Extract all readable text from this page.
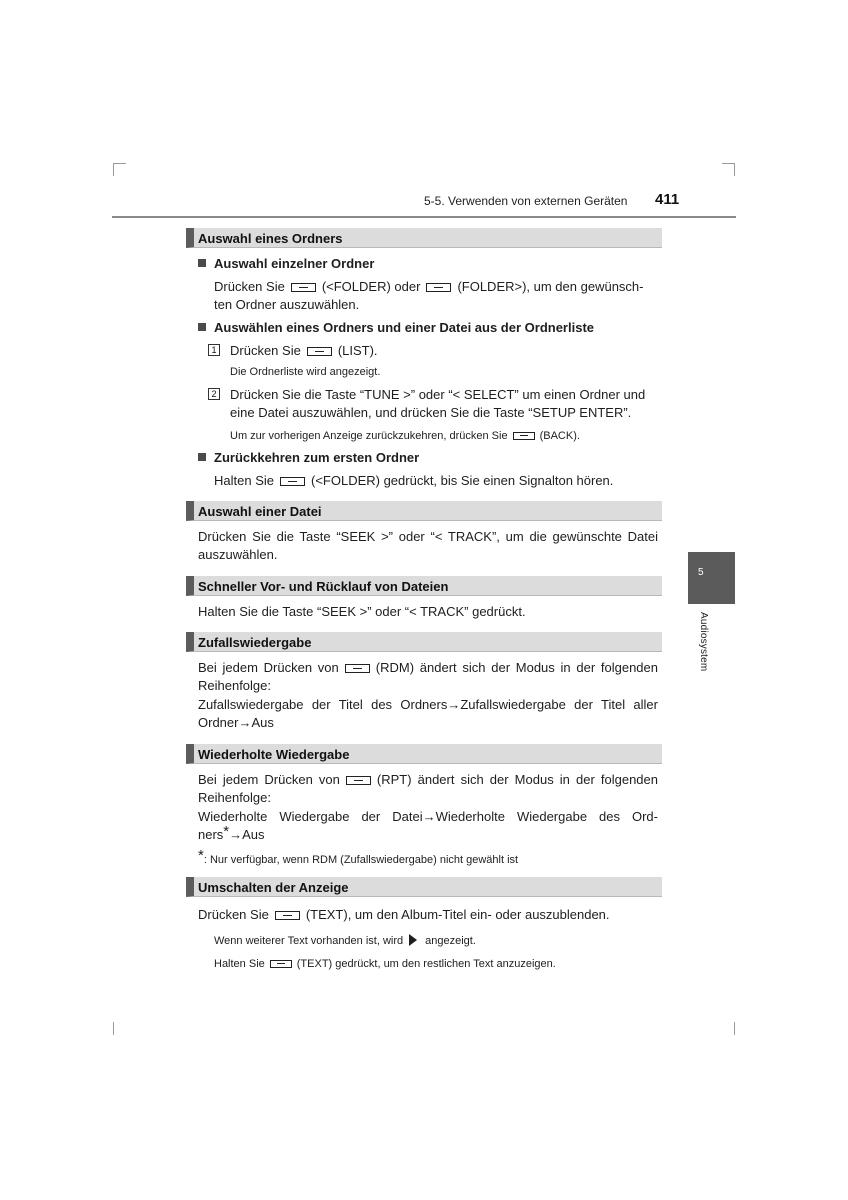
5-5. Verwenden von externen Geräten 411
5
Audiosystem
Auswahl eines Ordners
Auswahl einzelner Ordner
Drücken Sie	(<FOLDER) oder	(FOLDER>), um den gewünsch-
ten Ordner auszuwählen.
Auswählen eines Ordners und einer Datei aus der Ordnerliste
1 Drücken Sie	(LIST).
Die Ordnerliste wird angezeigt.
2 Drücken Sie die Taste “TUNE >” oder “< SELECT” um einen Ordner und
eine Datei auszuwählen, und drücken Sie die Taste “SETUP ENTER”.
Um zur vorherigen Anzeige zurückzukehren, drücken Sie	(BACK).
Zurückkehren zum ersten Ordner
Halten Sie	(<FOLDER) gedrückt, bis Sie einen Signalton hören.
Auswahl einer Datei
Drücken Sie die Taste “SEEK >” oder “< TRACK”, um die gewünschte Datei
auszuwählen.
Schneller Vor- und Rücklauf von Dateien
Halten Sie die Taste “SEEK >” oder “< TRACK” gedrückt.
Zufallswiedergabe
Bei jedem Drücken von	(RDM) ändert sich der Modus in der folgenden
Reihenfolge:
Zufallswiedergabe der Titel des Ordners→Zufallswiedergabe der Titel aller
Ordner→Aus
Wiederholte Wiedergabe
Bei jedem Drücken von	(RPT) ändert sich der Modus in der folgenden
Reihenfolge:
Wiederholte Wiedergabe der Datei→Wiederholte Wiedergabe des Ord-
ners*→Aus
*: Nur verfügbar, wenn RDM (Zufallswiedergabe) nicht gewählt ist
Umschalten der Anzeige
Drücken Sie	(TEXT), um den Album-Titel ein- oder auszublenden.
Wenn weiterer Text vorhanden ist, wird angezeigt.
Halten Sie	(TEXT) gedrückt, um den restlichen Text anzuzeigen.
